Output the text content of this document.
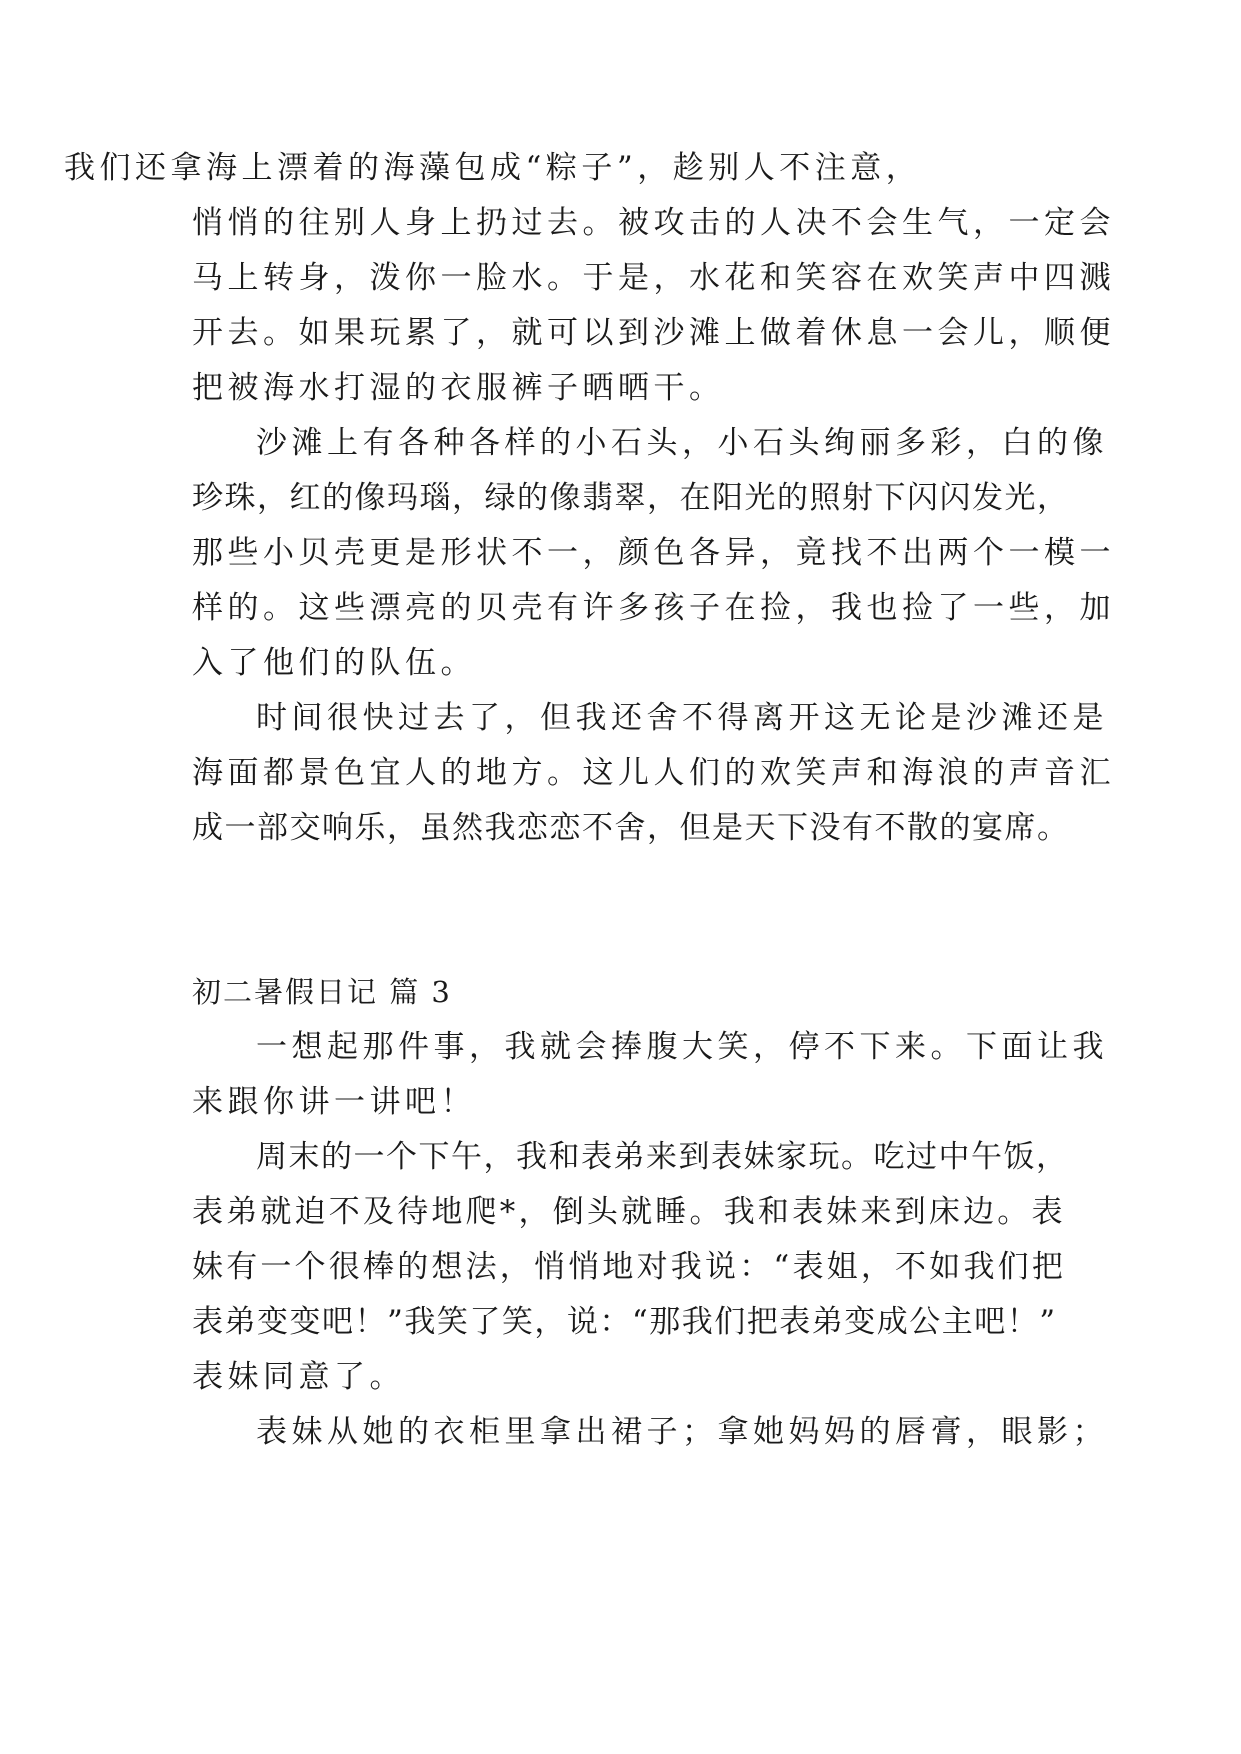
我们还拿海上漂着的海藻包成“粽子”，趁别人不注意，
悄悄的往别人身上扔过去。被攻击的人决不会生气，一定会
马上转身，泼你一脸水。于是，水花和笑容在欢笑声中四溅
开去。如果玩累了，就可以到沙滩上做着休息一会儿，顺便
把被海水打湿的衣服裤子晒晒干。
沙滩上有各种各样的小石头，小石头绚丽多彩，白的像
珍珠，红的像玛瑙，绿的像翡翠，在阳光的照射下闪闪发光，
那些小贝壳更是形状不一，颜色各异，竟找不出两个一模一
样的。这些漂亮的贝壳有许多孩子在捡，我也捡了一些，加
入了他们的队伍。
时间很快过去了，但我还舍不得离开这无论是沙滩还是
海面都景色宜人的地方。这儿人们的欢笑声和海浪的声音汇
成一部交响乐，虽然我恋恋不舍，但是天下没有不散的宴席。
初二暑假日记 篇 3
一想起那件事，我就会捧腹大笑，停不下来。下面让我
来跟你讲一讲吧！
周末的一个下午，我和表弟来到表妹家玩。吃过中午饭，
表弟就迫不及待地爬*，倒头就睡。我和表妹来到床边。表
妹有一个很棒的想法，悄悄地对我说：“表姐，不如我们把
表弟变变吧！”我笑了笑，说：“那我们把表弟变成公主吧！”
表妹同意了。
表妹从她的衣柜里拿出裙子；拿她妈妈的唇膏，眼影；
